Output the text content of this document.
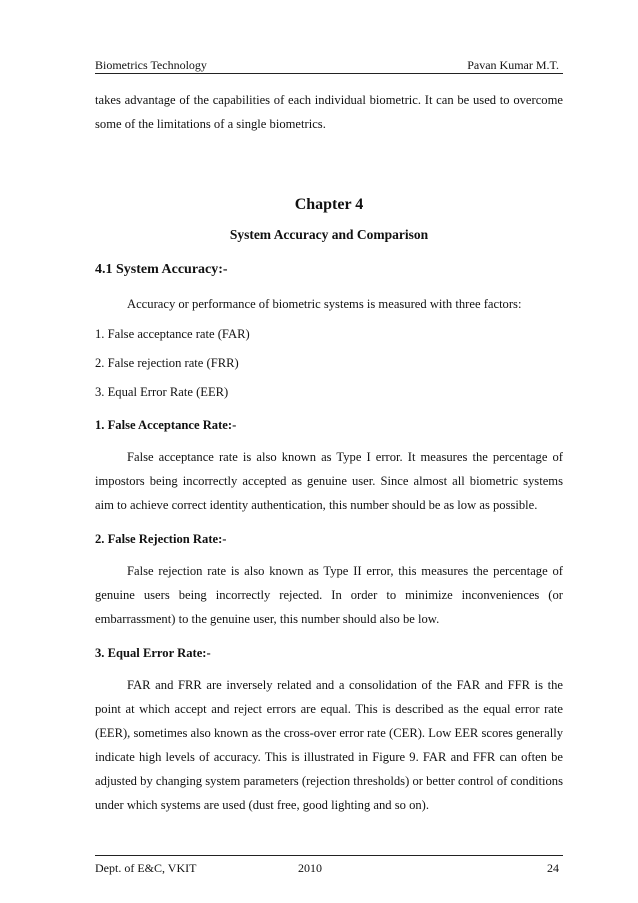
Biometrics Technology	Pavan Kumar M.T.

takes advantage of the capabilities of each individual biometric. It can be used to overcome some of the limitations of a single biometrics.

Chapter 4
System Accuracy and Comparison
4.1 System Accuracy:-

Accuracy or performance of biometric systems is measured with three factors:

1. False acceptance rate (FAR)

2. False rejection rate (FRR)

3. Equal Error Rate (EER)

1. False Acceptance Rate:-

False acceptance rate is also known as Type I error. It measures the percentage of impostors being incorrectly accepted as genuine user. Since almost all biometric systems aim to achieve correct identity authentication, this number should be as low as possible.

2. False Rejection Rate:-

False rejection rate is also known as Type II error, this measures the percentage of genuine users being incorrectly rejected. In order to minimize inconveniences (or embarrassment) to the genuine user, this number should also be low.

3. Equal Error Rate:-

FAR and FRR are inversely related and a consolidation of the FAR and FFR is the point at which accept and reject errors are equal. This is described as the equal error rate (EER), sometimes also known as the cross-over error rate (CER). Low EER scores generally indicate high levels of accuracy. This is illustrated in Figure 9. FAR and FFR can often be adjusted by changing system parameters (rejection thresholds) or better control of conditions under which systems are used (dust free, good lighting and so on).

Dept. of E&C, VKIT	2010	24
